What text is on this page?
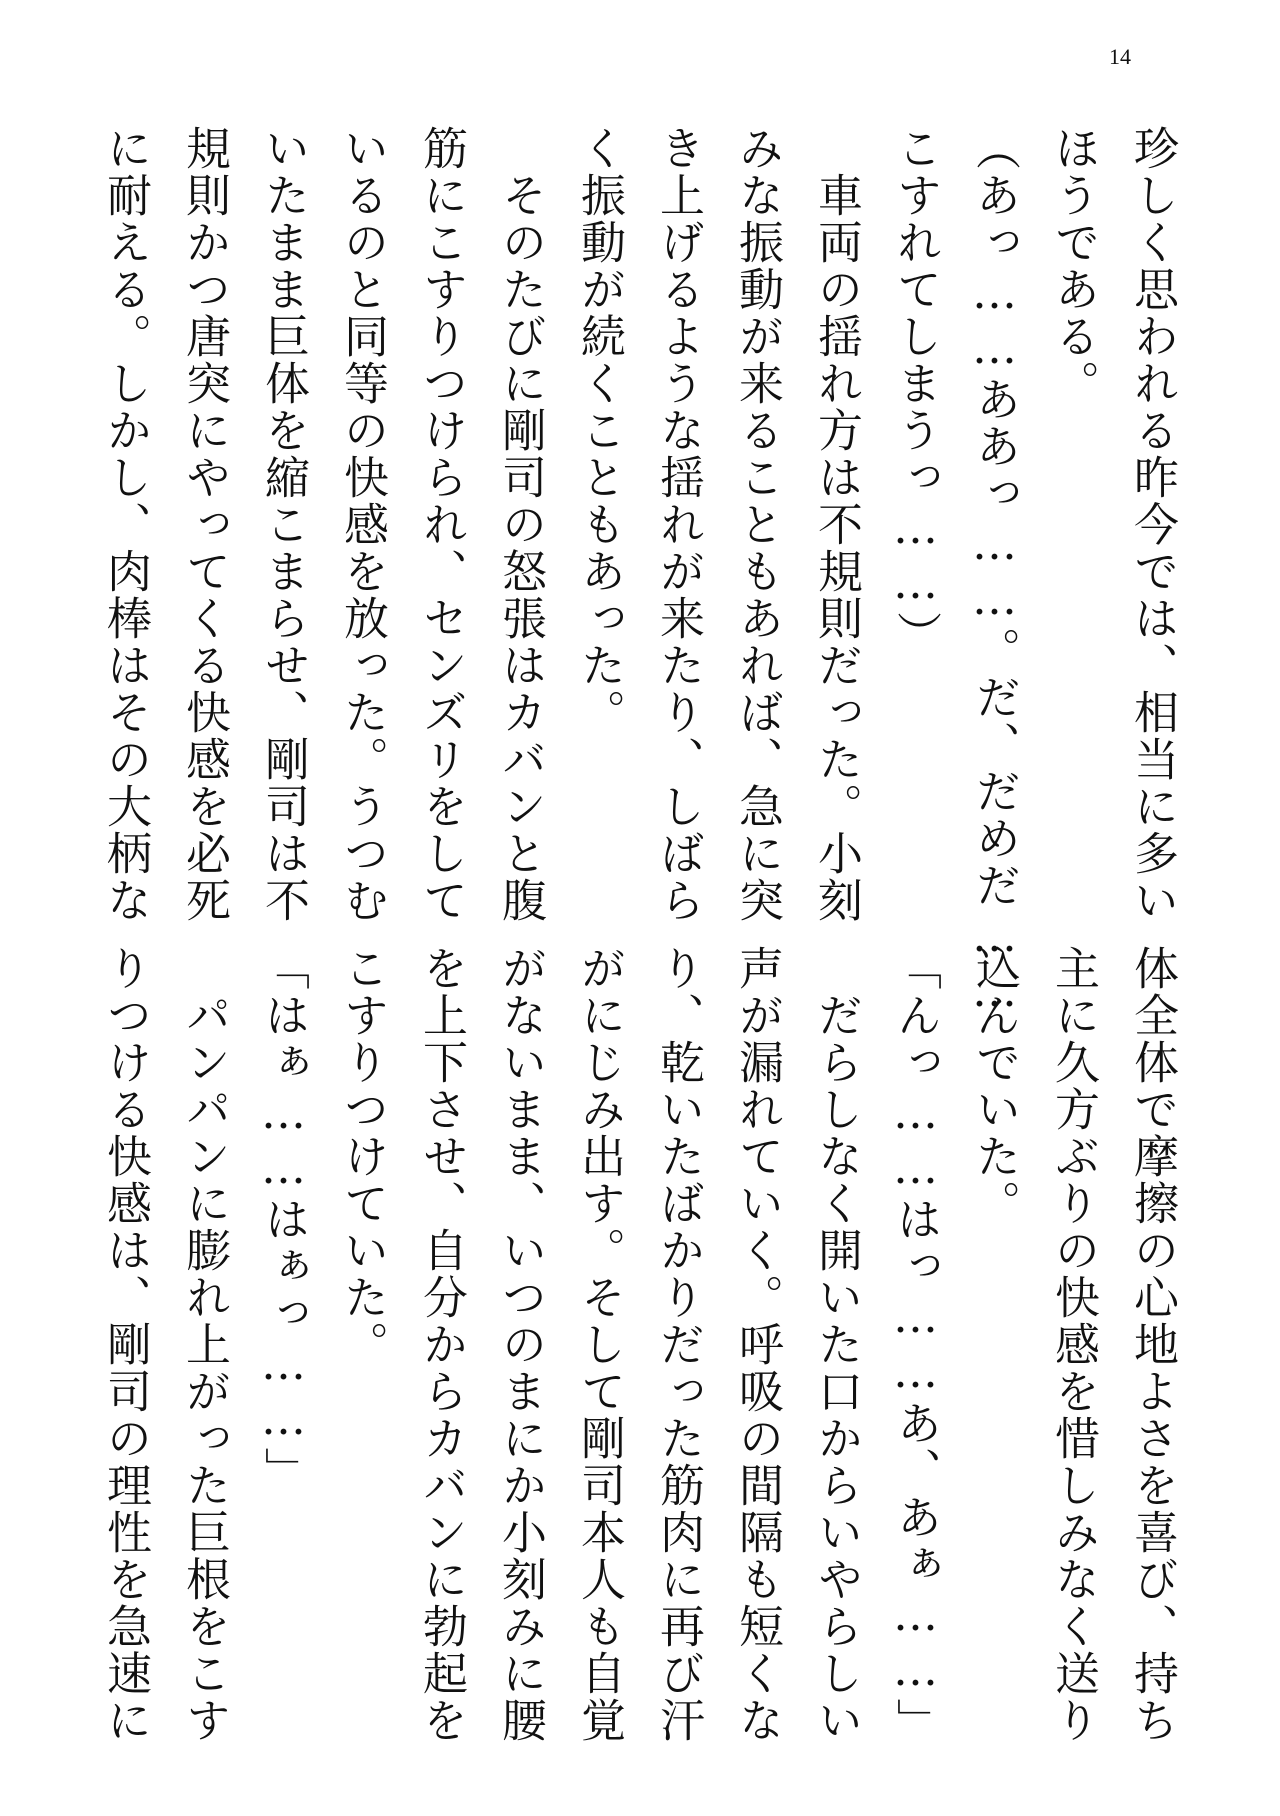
14
珍しく思われる昨今では、相当に多い
ほうである。
（あっ……ああっ……。だ、だめだ……
こすれてしまうっ……）
　車両の揺れ方は不規則だった。小刻
みな振動が来ることもあれば、急に突
き上げるような揺れが来たり、しばら
く振動が続くこともあった。
　そのたびに剛司の怒張はカバンと腹
筋にこすりつけられ、センズリをして
いるのと同等の快感を放った。うつむ
いたまま巨体を縮こまらせ、剛司は不
規則かつ唐突にやってくる快感を必死
に耐える。しかし、肉棒はその大柄な
体全体で摩擦の心地よさを喜び、持ち
主に久方ぶりの快感を惜しみなく送り
込んでいた。
「んっ……はっ……あ、あぁ……」
　だらしなく開いた口からいやらしい
声が漏れていく。呼吸の間隔も短くな
り、乾いたばかりだった筋肉に再び汗
がにじみ出す。そして剛司本人も自覚
がないまま、いつのまにか小刻みに腰
を上下させ、自分からカバンに勃起を
こすりつけていた。
「はぁ……はぁっ……」
　パンパンに膨れ上がった巨根をこす
りつける快感は、剛司の理性を急速に
